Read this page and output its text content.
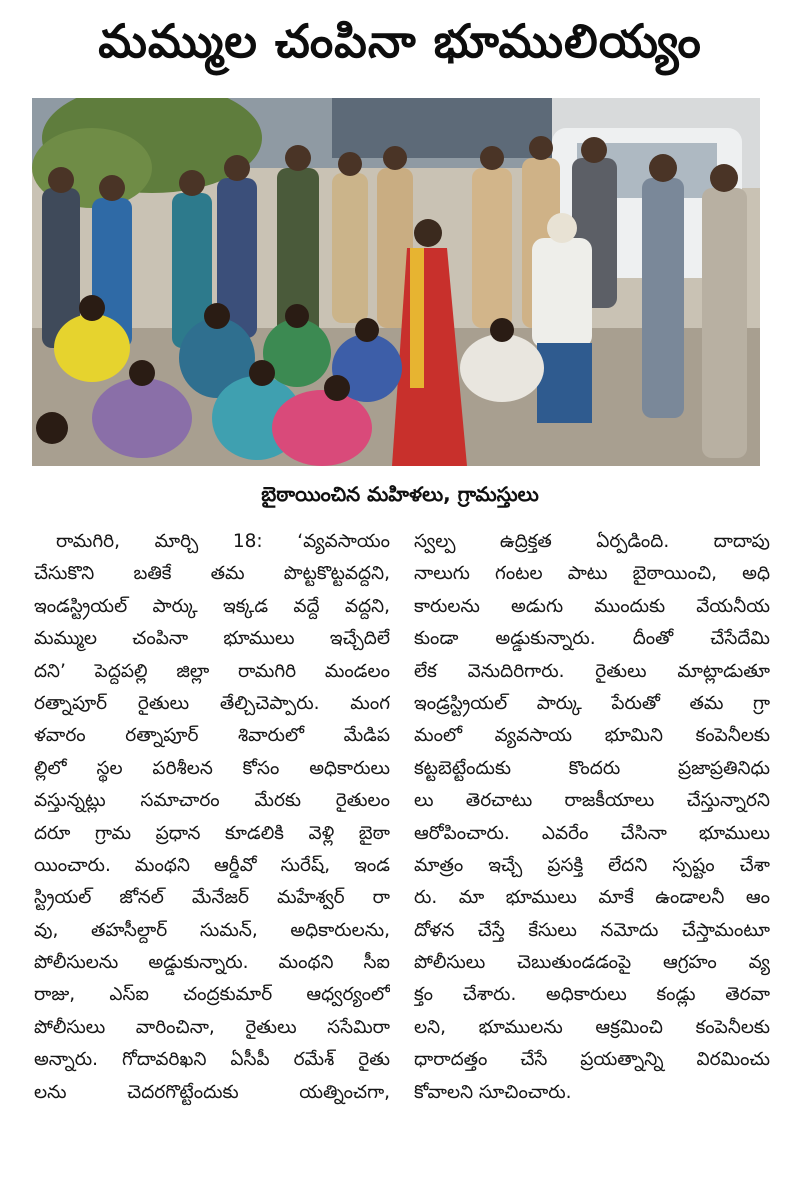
మమ్ముల చంపినా భూములియ్యం
బైఠాయించిన మహిళలు, గ్రామస్తులు
రామగిరి, మార్చి 18: ‘వ్యవసాయం
చేసుకొని బతికే తమ పొట్టకొట్టవద్దని,
ఇండస్ట్రియల్ పార్కు ఇక్కడ వద్దే వద్దని,
మమ్ముల చంపినా భూములు ఇచ్చేదిలే
దని’ పెద్దపల్లి జిల్లా రామగిరి మండలం
రత్నాపూర్ రైతులు తేల్చిచెప్పారు. మంగ
ళవారం రత్నాపూర్ శివారులో మేడిప
ల్లిలో స్థల పరిశీలన కోసం అధికారులు
వస్తున్నట్లు సమాచారం మేరకు రైతులం
దరూ గ్రామ ప్రధాన కూడలికి వెళ్లి బైఠా
యించారు. మంథని ఆర్డీవో సురేష్, ఇండ
స్ట్రియల్ జోనల్ మేనేజర్ మహేశ్వర్ రా
వు, తహసీల్దార్ సుమన్, అధికారులను,
పోలీసులను అడ్డుకున్నారు. మంథని సీఐ
రాజు, ఎస్ఐ చంద్రకుమార్ ఆధ్వర్యంలో
పోలీసులు వారించినా, రైతులు ససేమిరా
అన్నారు. గోదావరిఖని ఏసీపీ రమేశ్ రైతు
లను చెదరగొట్టేందుకు యత్నించగా,
స్వల్ప ఉద్రిక్తత ఏర్పడింది. దాదాపు
నాలుగు గంటల పాటు బైఠాయించి, అధి
కారులను అడుగు ముందుకు వేయనీయ
కుండా అడ్డుకున్నారు. దీంతో చేసేదేమి
లేక వెనుదిరిగారు. రైతులు మాట్లాడుతూ
ఇండ్రస్ట్రియల్ పార్కు పేరుతో తమ గ్రా
మంలో వ్యవసాయ భూమిని కంపెనీలకు
కట్టబెట్టేందుకు కొందరు ప్రజాప్రతినిధు
లు తెరచాటు రాజకీయాలు చేస్తున్నారని
ఆరోపించారు. ఎవరేం చేసినా భూములు
మాత్రం ఇచ్చే ప్రసక్తి లేదని స్పష్టం చేశా
రు. మా భూములు మాకే ఉండాలనీ ఆం
దోళన చేస్తే కేసులు నమోదు చేస్తామంటూ
పోలీసులు చెబుతుండడంపై ఆగ్రహం వ్య
క్తం చేశారు. అధికారులు కండ్లు తెరవా
లని, భూములను ఆక్రమించి కంపెనీలకు
ధారాదత్తం చేసే ప్రయత్నాన్ని విరమించు
కోవాలని సూచించారు.
